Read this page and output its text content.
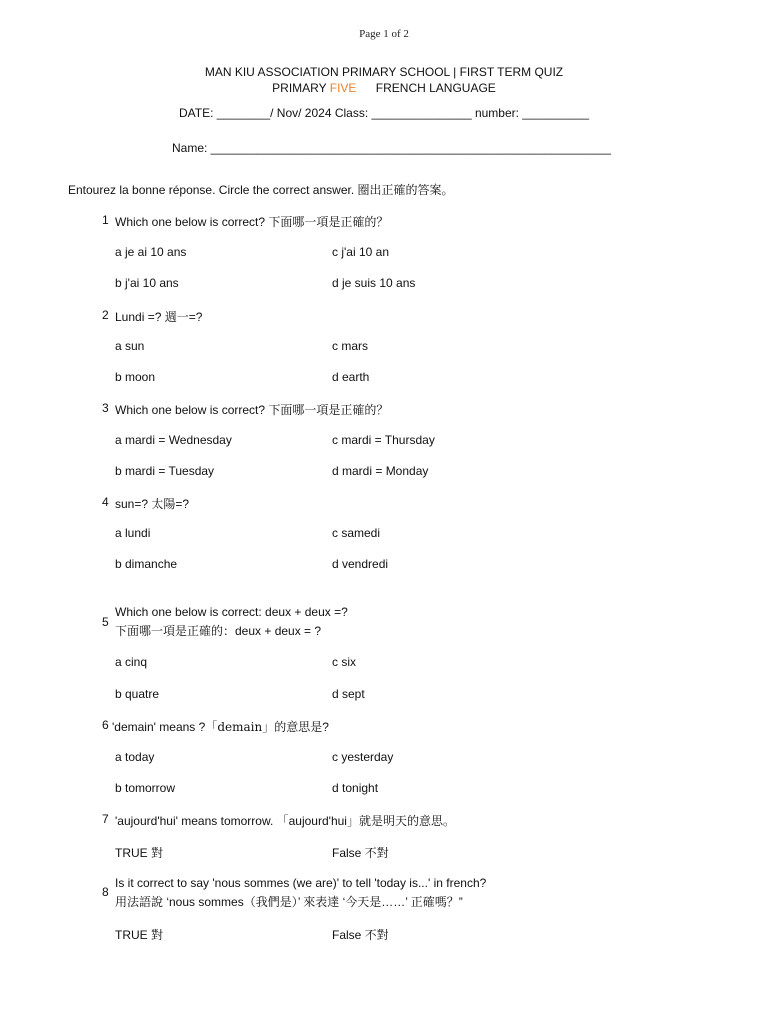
Page 1 of 2
MAN KIU ASSOCIATION PRIMARY SCHOOL | FIRST TERM QUIZ
PRIMARY FIVE FRENCH LANGUAGE
DATE: ________/ Nov/ 2024 Class: _______________ number: __________
Name: ____________________________________________________________
Entourez la bonne réponse. Circle the correct answer. 圈出正確的答案。
1 Which one below is correct? 下面哪一項是正確的？
a je ai 10 ans	c j'ai 10 an
b j'ai 10 ans	d je suis 10 ans
2 Lundi =? 週一=?
a sun	c mars
b moon	d earth
3 Which one below is correct? 下面哪一項是正確的？
a mardi = Wednesday	c mardi = Thursday
b mardi = Tuesday	d mardi = Monday
4 sun=? 太陽=?
a lundi	c samedi
b dimanche	d vendredi
5
Which one below is correct: deux + deux =?
下面哪一項是正確的：deux + deux = ?
a cinq	c six
b quatre	d sept
6 'demain' means ?「demain」的意思是?
a today	c yesterday
b tomorrow	d tonight
7 'aujourd'hui' means tomorrow. 「aujourd'hui」就是明天的意思。
TRUE 對	False 不對
8
Is it correct to say 'nous sommes (we are)' to tell 'today is...' in french?
用法語說 ‘nous sommes（我們是）’ 來表達 ‘今天是……’ 正確嗎？”
TRUE 對	False 不對
